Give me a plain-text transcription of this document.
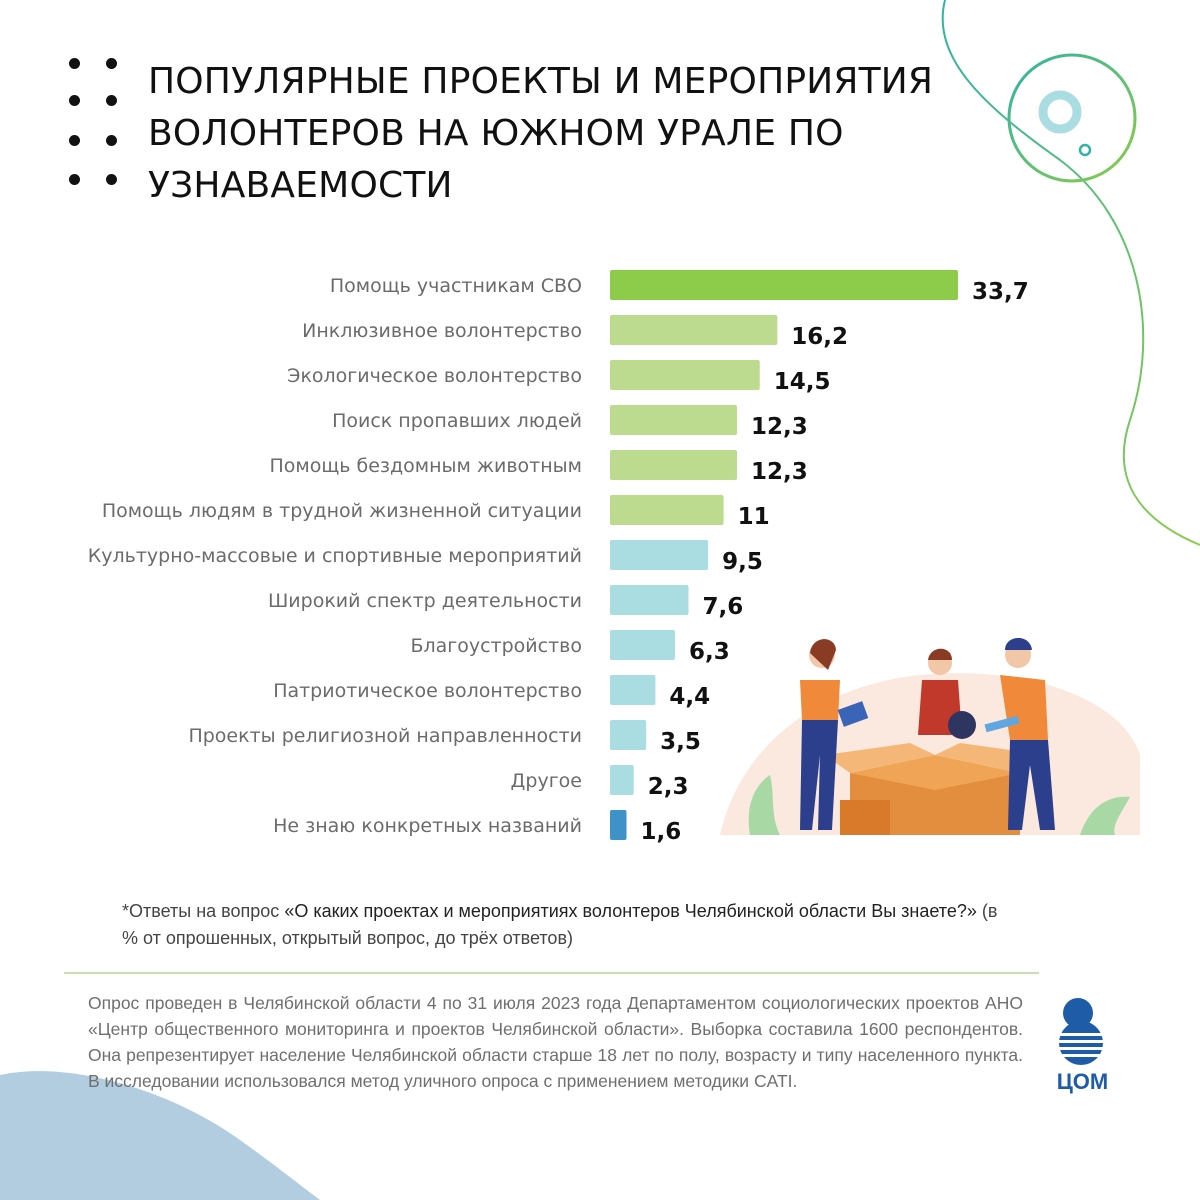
ПОПУЛЯРНЫЕ ПРОЕКТЫ И МЕРОПРИЯТИЯ
ВОЛОНТЕРОВ НА ЮЖНОМ УРАЛЕ ПО
УЗНАВАЕМОСТИ
Помощь участникам СВО	33,7
Инклюзивное волонтерство	16,2
Экологическое волонтерство	14,5
Поиск пропавших людей	12,3
Помощь бездомным животным	12,3
Помощь людям в трудной жизненной ситуации	11
Культурно-массовые и спортивные мероприятий	9,5
Широкий спектр деятельности	7,6
Благоустройство	6,3
Патриотическое волонтерство	4,4
Проекты религиозной направленности	3,5
Другое	2,3
Не знаю конкретных названий	1,6

*Ответы на вопрос «О каких проектах и мероприятиях волонтеров Челябинской области Вы знаете?» (в % от опрошенных, открытый вопрос, до трёх ответов)

Опрос проведен в Челябинской области 4 по 31 июля 2023 года Департаментом социологических проектов АНО «Центр общественного мониторинга и проектов Челябинской области». Выборка составила 1600 респондентов. Она репрезентирует население Челябинской области старше 18 лет по полу, возрасту и типу населенного пункта. В исследовании использовался метод уличного опроса с применением методики CATI.	ЦОМ
